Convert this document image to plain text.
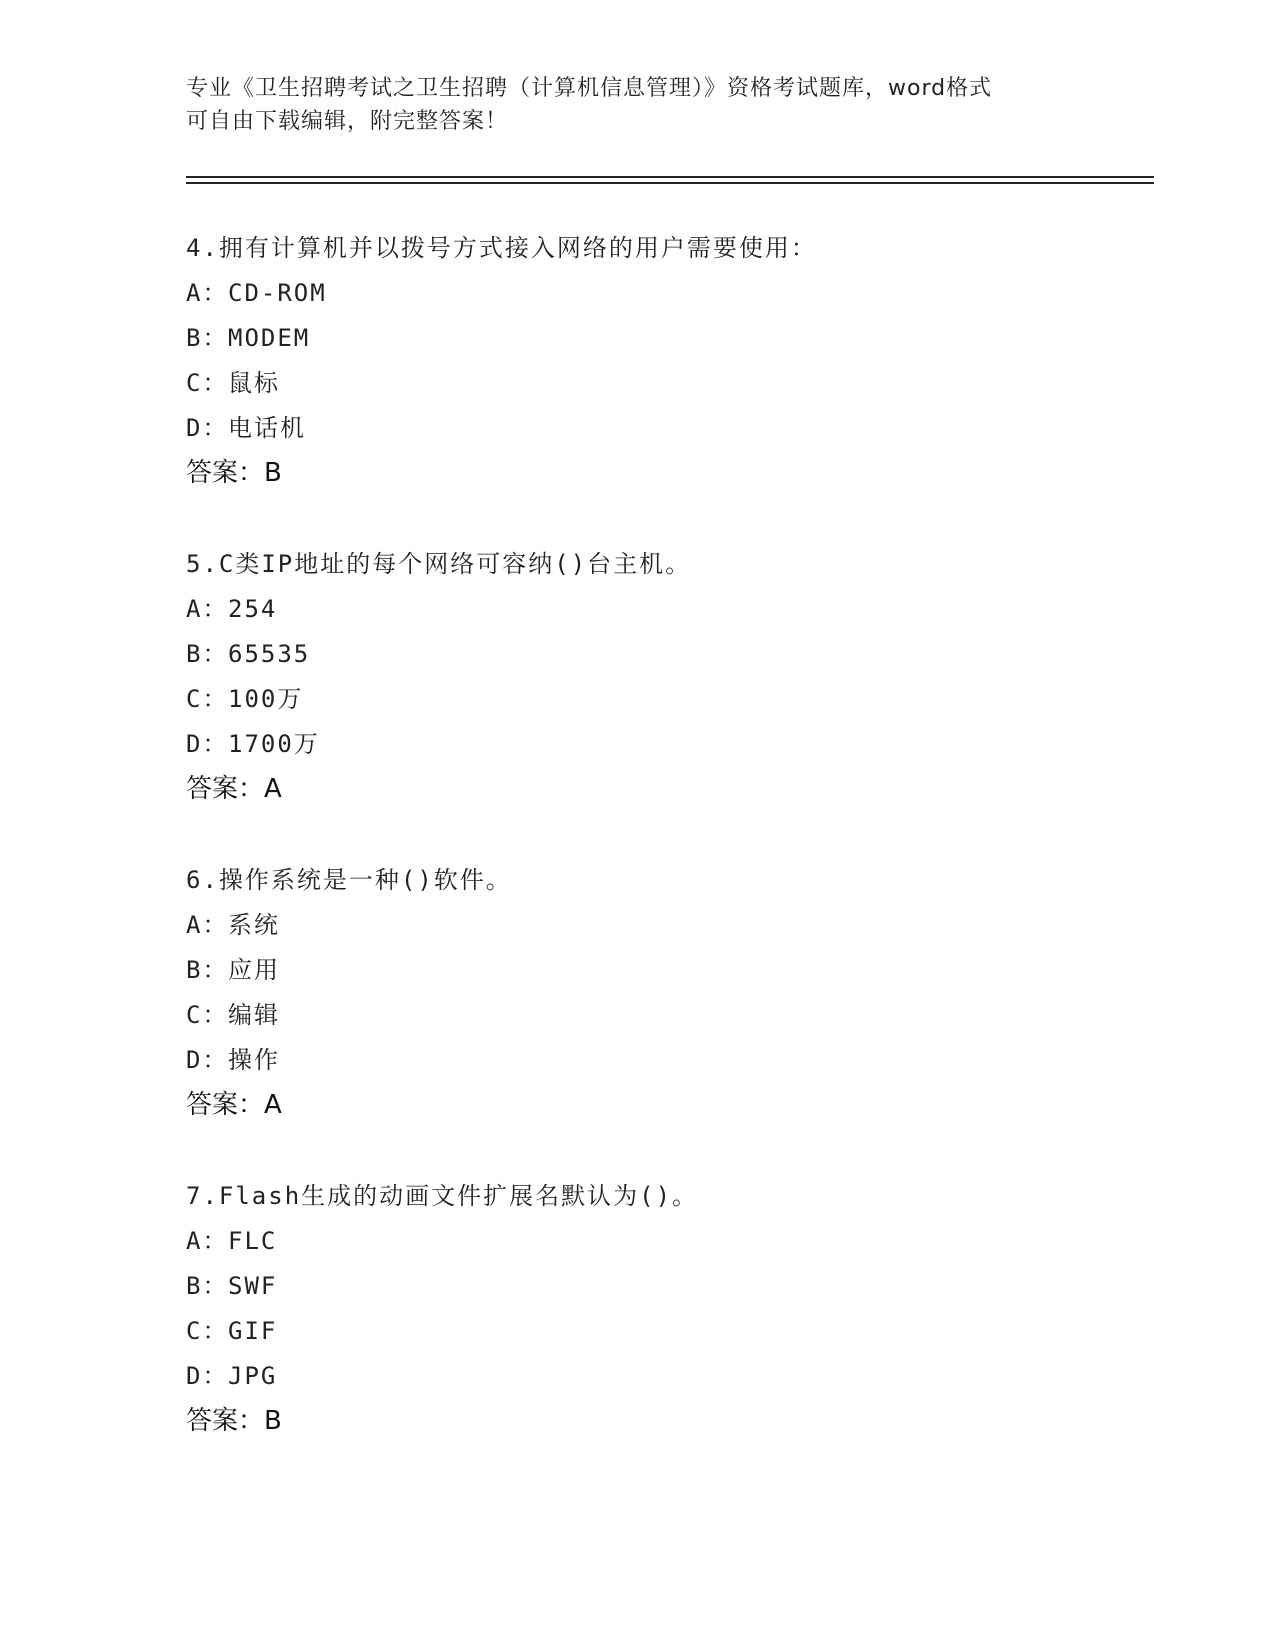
专业《卫生招聘考试之卫生招聘（计算机信息管理）》资格考试题库，word格式
可自由下载编辑，附完整答案！
4.拥有计算机并以拨号方式接入网络的用户需要使用：
A：CD-ROM
B：MODEM
C：鼠标
D：电话机
答案：B
5.C类IP地址的每个网络可容纳()台主机。
A：254
B：65535
C：100万
D：1700万
答案：A
6.操作系统是一种()软件。
A：系统
B：应用
C：编辑
D：操作
答案：A
7.Flash生成的动画文件扩展名默认为()。
A：FLC
B：SWF
C：GIF
D：JPG
答案：B
